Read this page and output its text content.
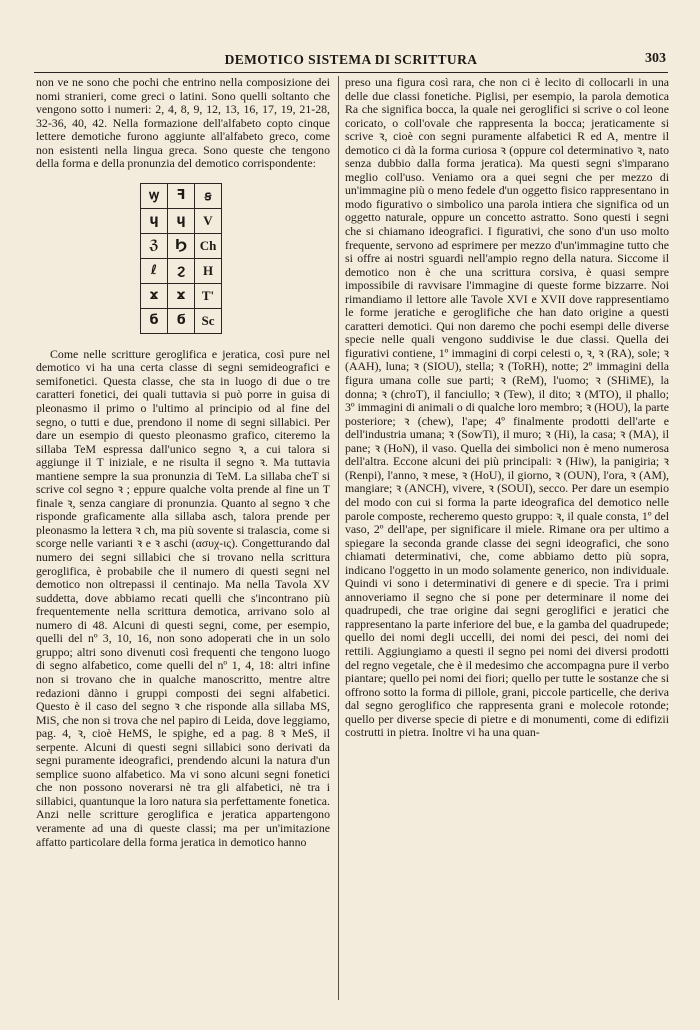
DEMOTICO SISTEMA DI SCRITTURA	303

non ve ne sono che pochi che entrino nella composizione dei nomi stranieri, come greci o latini. Sono quelli soltanto che vengono sotto i numeri: 2, 4, 8, 9, 12, 13, 16, 17, 19, 21-28, 32-36, 40, 42. Nella formazione dell'alfabeto copto cinque lettere demotiche furono aggiunte all'alfabeto greco, come non esistenti nella lingua greca. Sono queste che tengono della forma e della pronunzia del demotico corrispondente:

ꝡ	ꟻ	ꞩ
ɥ	ɥ	V
ℨ	Ϧ	Ch
ℓ	ϩ	H
ϫ	ϫ	T'
б	ϭ	Sc

Come nelle scritture geroglifica e jeratica, così pure nel demotico vi ha una certa classe di segni semideografici e semifonetici. Questa classe, che sta in luogo di due o tre caratteri fonetici, dei quali tuttavia si può porre in guisa di pleonasmo il primo o l'ultimo al principio od al fine del segno, o tutti e due, prendono il nome di segni sillabici. Per dare un esempio di questo pleonasmo grafico, citeremo la sillaba TeM espressa dall'unico segno ꝛ, a cui talora si aggiunge il T iniziale, e ne risulta il segno ꝛ. Ma tuttavia mantiene sempre la sua pronunzia di TeM. La sillaba cheT si scrive col segno ꝛ ; eppure qualche volta prende al fine un T finale ꝛ, senza cangiare di pronunzia. Quanto al segno ꝛ che risponde graficamente alla sillaba asch, talora prende per pleonasmo la lettera ꝛ ch, ma più sovente si tralascia, come si scorge nelle varianti ꝛ e ꝛ aschi (ασυχ-ις). Congetturando dal numero dei segni sillabici che si trovano nella scrittura geroglifica, è probabile che il numero di questi segni nel demotico non oltrepassi il centinajo. Ma nella Tavola XV suddetta, dove abbiamo recati quelli che s'incontrano più frequentemente nella scrittura demotica, arrivano solo al numero di 48. Alcuni di questi segni, come, per esempio, quelli del nº 3, 10, 16, non sono adoperati che in un solo gruppo; altri sono divenuti così frequenti che tengono luogo di segno alfabetico, come quelli del nº 1, 4, 18: altri infine non si trovano che in qualche manoscritto, mentre altre redazioni dànno i gruppi composti dei segni alfabetici. Questo è il caso del segno ꝛ che risponde alla sillaba MS, MiS, che non si trova che nel papiro di Leida, dove leggiamo, pag. 4, ꝛ, cioè HeMS, le spighe, ed a pag. 8 ꝛ MeS, il serpente. Alcuni di questi segni sillabici sono derivati da segni puramente ideografici, prendendo alcuni la natura d'un semplice suono alfabetico. Ma vi sono alcuni segni fonetici che non possono noverarsi nè tra gli alfabetici, nè tra i sillabici, quantunque la loro natura sia perfettamente fonetica. Anzi nelle scritture geroglifica e jeratica appartengono veramente ad una di queste classi; ma per un'imitazione affatto particolare della forma jeratica in demotico hanno

preso una figura così rara, che non ci è lecito di collocarli in una delle due classi fonetiche. Piglisi, per esempio, la parola demotica Ra che significa bocca, la quale nei geroglifici si scrive o col leone coricato, o coll'ovale che rappresenta la bocca; jeraticamente si scrive ꝛ, cioè con segni puramente alfabetici R ed A, mentre il demotico ci dà la forma curiosa ꝛ (oppure col determinativo ꝛ, nato senza dubbio dalla forma jeratica). Ma questi segni s'imparano meglio coll'uso. Veniamo ora a quei segni che per mezzo di un'immagine più o meno fedele d'un oggetto fisico rappresentano in modo figurativo o simbolico una parola intiera che significa od un oggetto naturale, oppure un concetto astratto. Sono questi i segni che si chiamano ideografici. I figurativi, che sono d'un uso molto frequente, servono ad esprimere per mezzo d'un'immagine tutto che si offre ai nostri sguardi nell'ampio regno della natura. Siccome il demotico non è che una scrittura corsiva, è quasi sempre impossibile di ravvisare l'immagine di queste forme bizzarre. Noi rimandiamo il lettore alle Tavole XVI e XVII dove rappresentiamo le forme jeratiche e geroglifiche che han dato origine a questi caratteri demotici. Qui non daremo che pochi esempi delle diverse specie nelle quali vengono suddivise le due classi. Quella dei figurativi contiene, 1º immagini di corpi celesti o, ꝛ, ꝛ (RA), sole; ꝛ (AAH), luna; ꝛ (SIOU), stella; ꝛ (ToRH), notte; 2º immagini della figura umana colle sue parti; ꝛ (ReM), l'uomo; ꝛ (SHiME), la donna; ꝛ (chroT), il fanciullo; ꝛ (Tew), il dito; ꝛ (MTO), il phallo; 3º immagini di animali o di qualche loro membro; ꝛ (HOU), la parte posteriore; ꝛ (chew), l'ape; 4º finalmente prodotti dell'arte e dell'industria umana; ꝛ (SowTi), il muro; ꝛ (Hi), la casa; ꝛ (MA), il pane; ꝛ (HoN), il vaso. Quella dei simbolici non è meno numerosa dell'altra. Eccone alcuni dei più principali: ꝛ (Hiw), la panigiria; ꝛ (Renpi), l'anno, ꝛ mese, ꝛ (HoU), il giorno, ꝛ (OUN), l'ora, ꝛ (AM), mangiare; ꝛ (ANCH), vivere, ꝛ (SOUI), secco. Per dare un esempio del modo con cui si forma la parte ideografica del demotico nelle parole composte, recheremo questo gruppo: ꝛ, il quale consta, 1º del vaso, 2º dell'ape, per significare il miele. Rimane ora per ultimo a spiegare la seconda grande classe dei segni ideografici, che sono chiamati determinativi, che, come abbiamo detto più sopra, indicano l'oggetto in un modo solamente generico, non individuale. Quindi vi sono i determinativi di genere e di specie. Tra i primi annoveriamo il segno che si pone per determinare il nome dei quadrupedi, che trae origine dai segni geroglifici e jeratici che rappresentano la parte inferiore del bue, e la gamba del quadrupede; quello dei nomi degli uccelli, dei nomi dei pesci, dei nomi dei rettili. Aggiungiamo a questi il segno pei nomi dei diversi prodotti del regno vegetale, che è il medesimo che accompagna pure il verbo piantare; quello pei nomi dei fiori; quello per tutte le sostanze che si offrono sotto la forma di pillole, grani, piccole particelle, che deriva dal segno geroglifico che rappresenta grani e molecole rotonde; quello per diverse specie di pietre e di monumenti, come di edifizii costrutti in pietra. Inoltre vi ha una quan-
